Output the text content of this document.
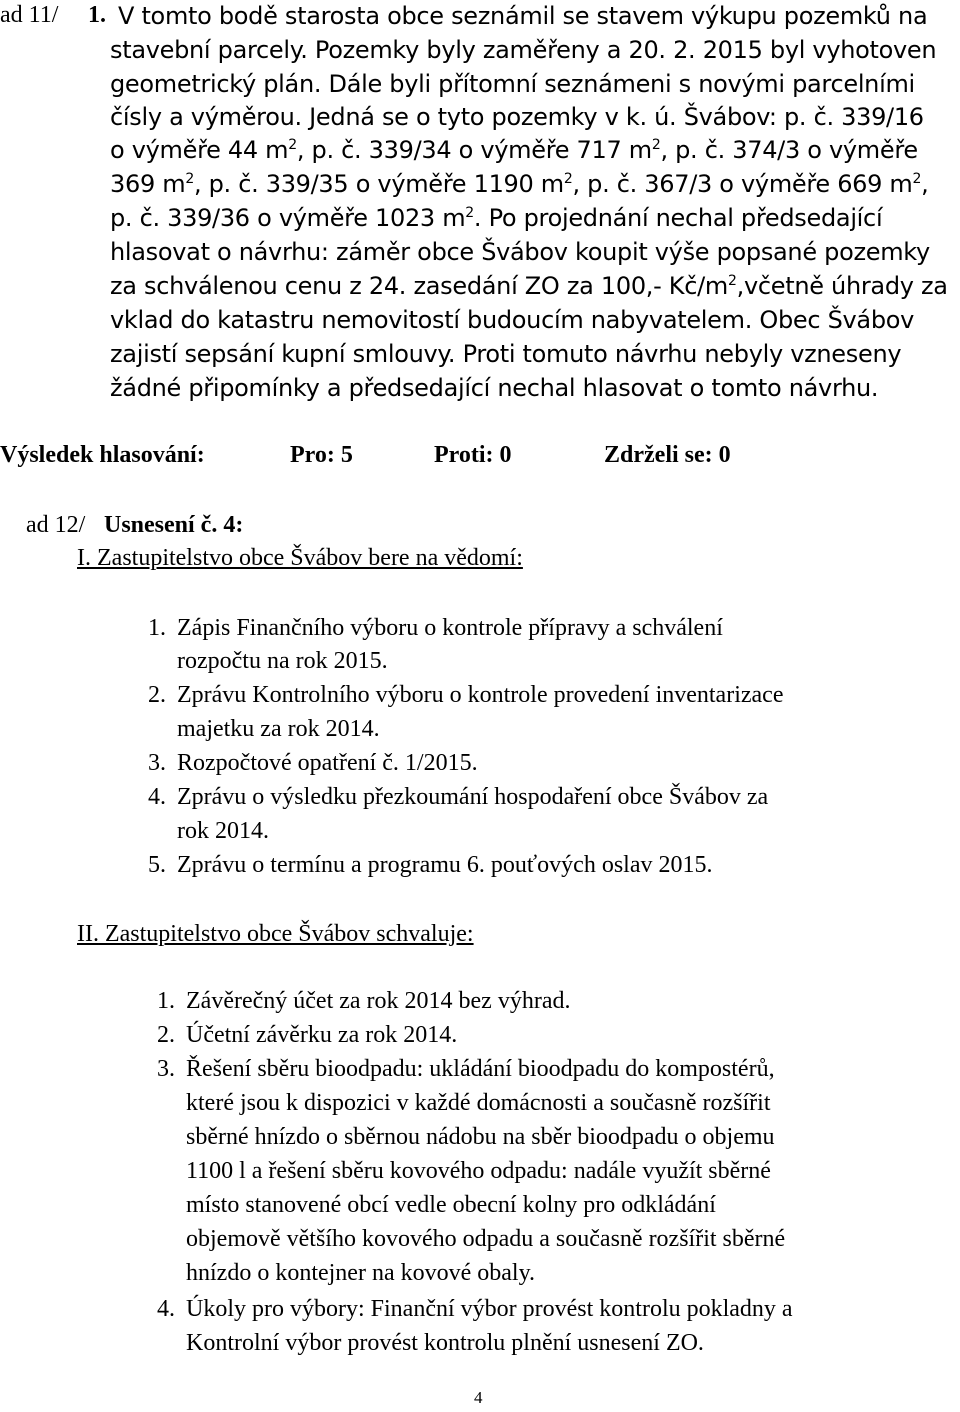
ad 11/ 1. V tomto bodě starosta obce seznámil se stavem výkupu pozemků na
stavební parcely. Pozemky byly zaměřeny a 20. 2. 2015 byl vyhotoven
geometrický plán. Dále byli přítomní seznámeni s novými parcelními
čísly a výměrou. Jedná se o tyto pozemky v k. ú. Švábov: p. č. 339/16
o výměře 44 $m^2$, p. č. 339/34 o výměře 717 $m^2$, p. č. 374/3 o výměře
369 $m^2$, p. č. 339/35 o výměře 1190 $m^2$, p. č. 367/3 o výměře 669 $m^2$,
p. č. 339/36 o výměře 1023 $m^2$. Po projednání nechal předsedající
hlasovat o návrhu: záměr obce Švábov koupit výše popsané pozemky
za schválenou cenu z 24. zasedání ZO za 100,- $Kč/m^2,včetně$ úhrady za
vklad do katastru nemovitostí budoucím nabyvatelem. Obec Švábov
zajistí sepsání kupní smlouvy. Proti tomuto návrhu nebyly vzneseny
žádné připomínky a předsedající nechal hlasovat o tomto návrhu.
Výsledek hlasování:	Pro: 5	Proti: 0	Zdrželi se: 0
ad 12/ Usnesení č. 4:
I. Zastupitelstvo obce Švábov bere na vědomí:
1. Zápis Finančního výboru o kontrole přípravy a schválení
rozpočtu na rok 2015.
2. Zprávu Kontrolního výboru o kontrole provedení inventarizace
majetku za rok 2014.
3. Rozpočtové opatření č. 1/2015.
4. Zprávu o výsledku přezkoumání hospodaření obce Švábov za
rok 2014.
5. Zprávu o termínu a programu 6. pouťových oslav 2015.
II. Zastupitelstvo obce Švábov schvaluje:
1. Závěrečný účet za rok 2014 bez výhrad.
2. Účetní závěrku za rok 2014.
3. Řešení sběru bioodpadu: ukládání bioodpadu do kompostérů,
které jsou k dispozici v každé domácnosti a současně rozšířit
sběrné hnízdo o sběrnou nádobu na sběr bioodpadu o objemu
1100 l a řešení sběru kovového odpadu: nadále využít sběrné
místo stanovené obcí vedle obecní kolny pro odkládání
objemově většího kovového odpadu a současně rozšířit sběrné
hnízdo o kontejner na kovové obaly.
4. Úkoly pro výbory: Finanční výbor provést kontrolu pokladny a
Kontrolní výbor provést kontrolu plnění usnesení ZO.
4
